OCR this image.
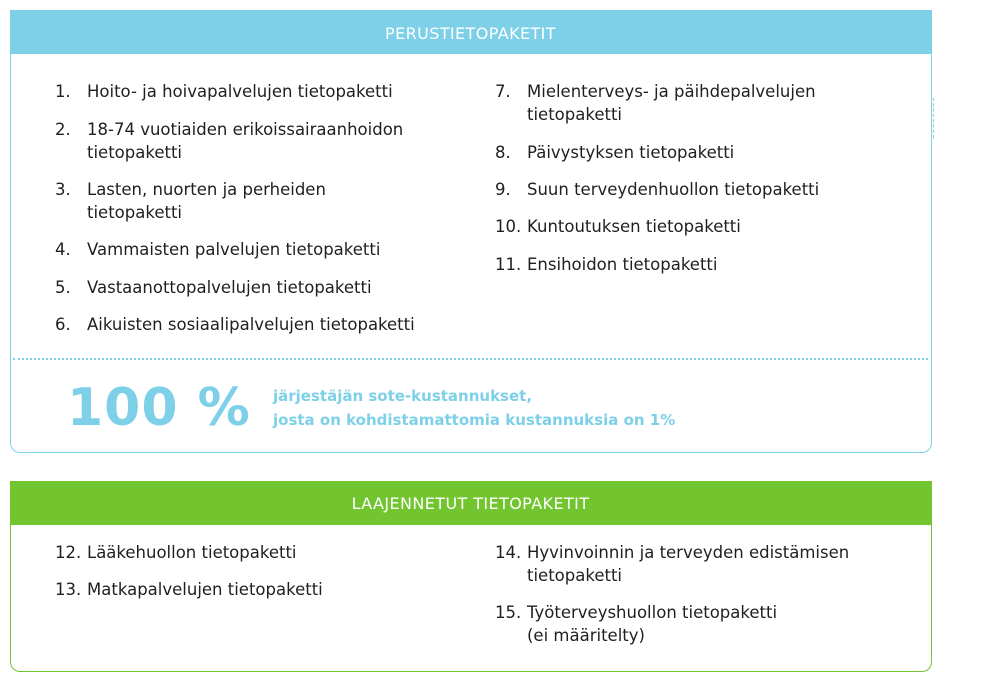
PERUSTIETOPAKETIT
1. Hoito- ja hoivapalvelujen tietopaketti
2. 18-74 vuotiaiden erikoissairaanhoidon
tietopaketti
3. Lasten, nuorten ja perheiden
tietopaketti
4. Vammaisten palvelujen tietopaketti
5. Vastaanottopalvelujen tietopaketti
6. Aikuisten sosiaalipalvelujen tietopaketti
7. Mielenterveys- ja päihdepalvelujen
tietopaketti
8. Päivystyksen tietopaketti
9. Suun terveydenhuollon tietopaketti
10. Kuntoutuksen tietopaketti
11. Ensihoidon tietopaketti
100 % järjestäjän sote-kustannukset,
josta on kohdistamattomia kustannuksia on 1%
LAAJENNETUT TIETOPAKETIT
12. Lääkehuollon tietopaketti
13. Matkapalvelujen tietopaketti
14. Hyvinvoinnin ja terveyden edistämisen
tietopaketti
15. Työterveyshuollon tietopaketti
(ei määritelty)
